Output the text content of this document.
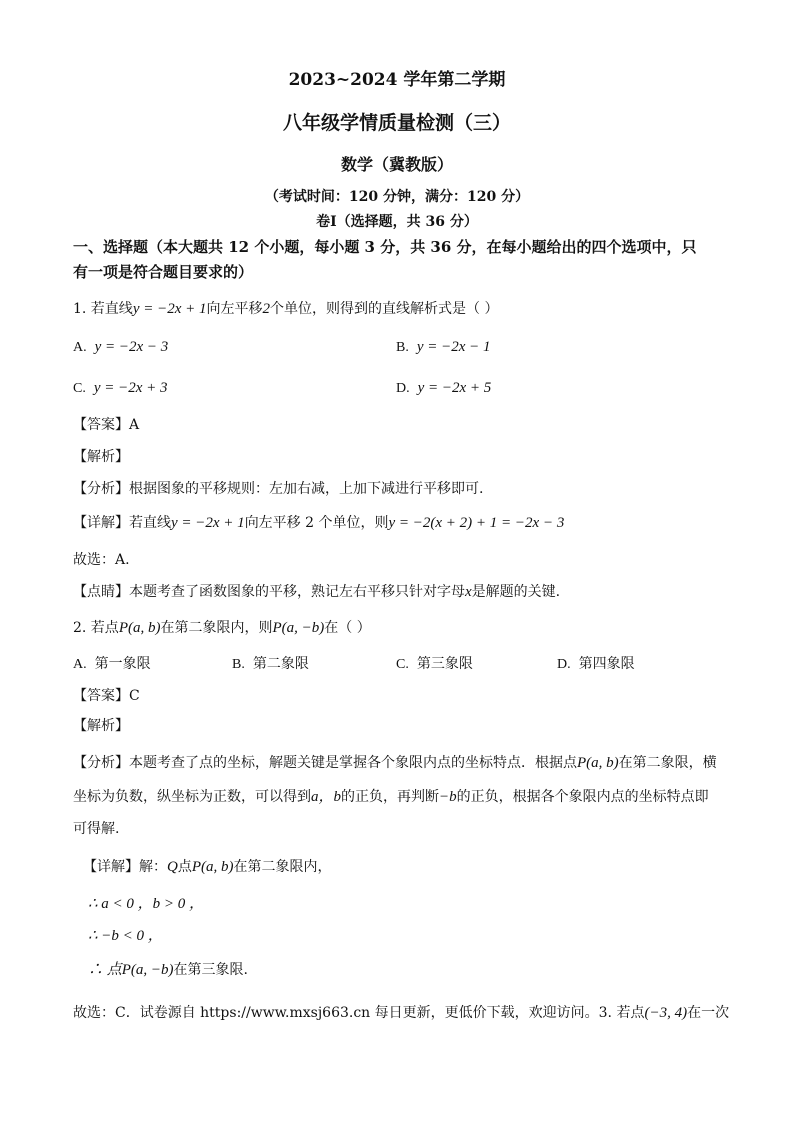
2023~2024 学年第二学期
八年级学情质量检测（三）
数学（冀教版）
（考试时间：120 分钟，满分：120 分）
卷Ⅰ（选择题，共 36 分）
一、选择题（本大题共 12 个小题，每小题 3 分，共 36 分，在每小题给出的四个选项中，只
有一项是符合题目要求的）
1. 若直线y = −2x + 1向左平移2个单位，则得到的直线解析式是（ ）
A. y = −2x − 3	B. y = −2x − 1
C. y = −2x + 3	D. y = −2x + 5
【答案】A
【解析】
【分析】根据图象的平移规则：左加右减，上加下减进行平移即可.
【详解】若直线y = −2x + 1向左平移 2 个单位，则y = −2(x + 2) + 1 = −2x − 3
故选：A.
【点睛】本题考查了函数图象的平移，熟记左右平移只针对字母x是解题的关键.
2. 若点P(a, b)在第二象限内，则P(a, −b)在（ ）
A. 第一象限	B. 第二象限	C. 第三象限	D. 第四象限
【答案】C
【解析】
【分析】本题考查了点的坐标，解题关键是掌握各个象限内点的坐标特点．根据点P(a, b)在第二象限，横
坐标为负数，纵坐标为正数，可以得到a，b的正负，再判断−b的正负，根据各个象限内点的坐标特点即
可得解.
【详解】解：Q点P(a, b)在第二象限内，
∴ a < 0 ，b > 0 ，
∴ −b < 0 ，
∴ 点P(a, −b)在第三象限.
故选：C．试卷源自 https://www.mxsj663.cn 每日更新，更低价下载，欢迎访问。3. 若点(−3, 4)在一次
